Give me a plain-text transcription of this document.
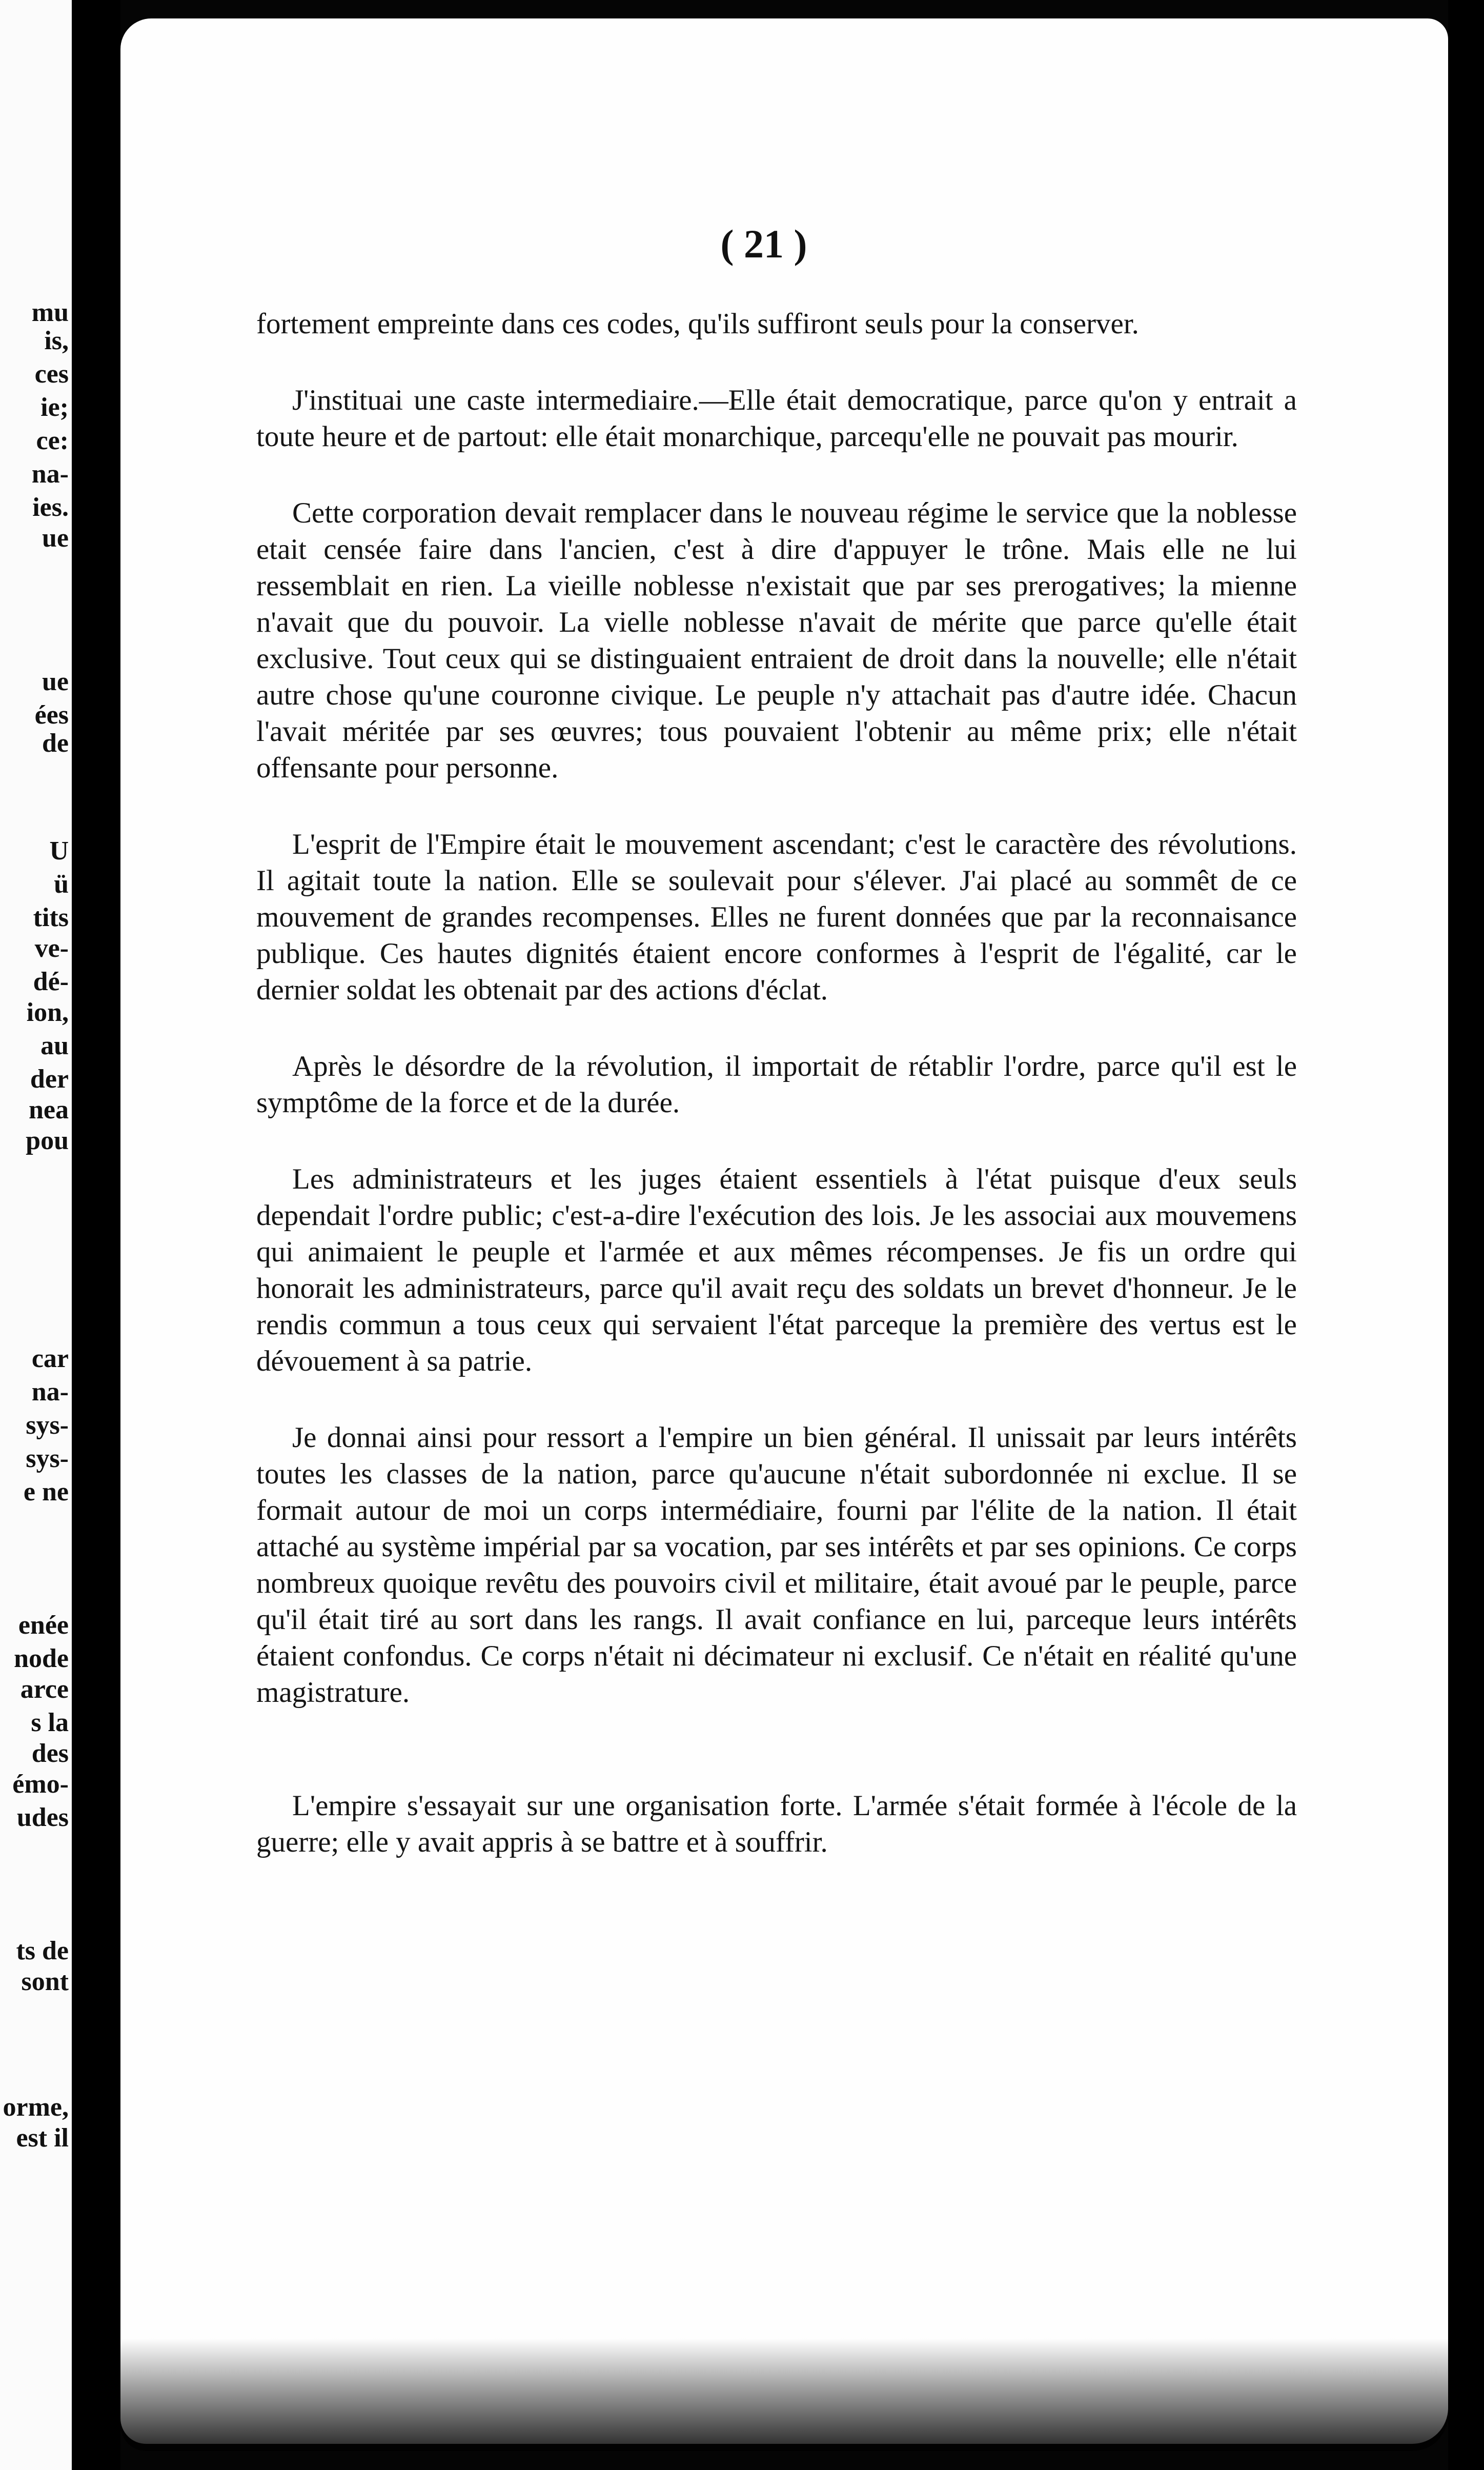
mu
is,
ces
ie;
ce:
na-
ies.
ue
ue
ées
de
U
ü
tits
ve-
dé-
ion,
au
der
nea
pou
car
na-
sys-
sys-
e ne
enée
node
arce
s la
des
émo-
udes
ts de
sont
orme,
est il
( 21 )

fortement empreinte dans ces codes, qu'ils suffiront seuls pour la conserver.

J'instituai une caste intermediaire.—Elle était democratique, parce qu'on y entrait a toute heure et de partout: elle était monarchique, parcequ'elle ne pouvait pas mourir.

Cette corporation devait remplacer dans le nouveau régime le service que la noblesse etait censée faire dans l'ancien, c'est à dire d'appuyer le trône. Mais elle ne lui ressemblait en rien. La vieille noblesse n'existait que par ses prerogatives; la mienne n'avait que du pouvoir. La vielle noblesse n'avait de mérite que parce qu'elle était exclusive. Tout ceux qui se distinguaient entraient de droit dans la nouvelle; elle n'était autre chose qu'une couronne civique. Le peuple n'y attachait pas d'autre idée. Chacun l'avait méritée par ses œuvres; tous pouvaient l'obtenir au même prix; elle n'était offensante pour personne.

L'esprit de l'Empire était le mouvement ascendant; c'est le caractère des révolutions. Il agitait toute la nation. Elle se soulevait pour s'élever. J'ai placé au sommêt de ce mouvement de grandes recompenses. Elles ne furent données que par la reconnaisance publique. Ces hautes dignités étaient encore conformes à l'esprit de l'égalité, car le dernier soldat les obtenait par des actions d'éclat.

Après le désordre de la révolution, il importait de rétablir l'ordre, parce qu'il est le symptôme de la force et de la durée.

Les administrateurs et les juges étaient essentiels à l'état puisque d'eux seuls dependait l'ordre public; c'est-a-dire l'exécution des lois. Je les associai aux mouvemens qui animaient le peuple et l'armée et aux mêmes récompenses. Je fis un ordre qui honorait les administrateurs, parce qu'il avait reçu des soldats un brevet d'honneur. Je le rendis commun a tous ceux qui servaient l'état parceque la première des vertus est le dévouement à sa patrie.

Je donnai ainsi pour ressort a l'empire un bien général. Il unissait par leurs intérêts toutes les classes de la nation, parce qu'aucune n'était subordonnée ni exclue. Il se formait autour de moi un corps intermédiaire, fourni par l'élite de la nation. Il était attaché au système impérial par sa vocation, par ses intérêts et par ses opinions. Ce corps nombreux quoique revêtu des pouvoirs civil et militaire, était avoué par le peuple, parce qu'il était tiré au sort dans les rangs. Il avait confiance en lui, parceque leurs intérêts étaient confondus. Ce corps n'était ni décimateur ni exclusif. Ce n'était en réalité qu'une magistrature.

L'empire s'essayait sur une organisation forte. L'armée s'était formée à l'école de la guerre; elle y avait appris à se battre et à souffrir.
